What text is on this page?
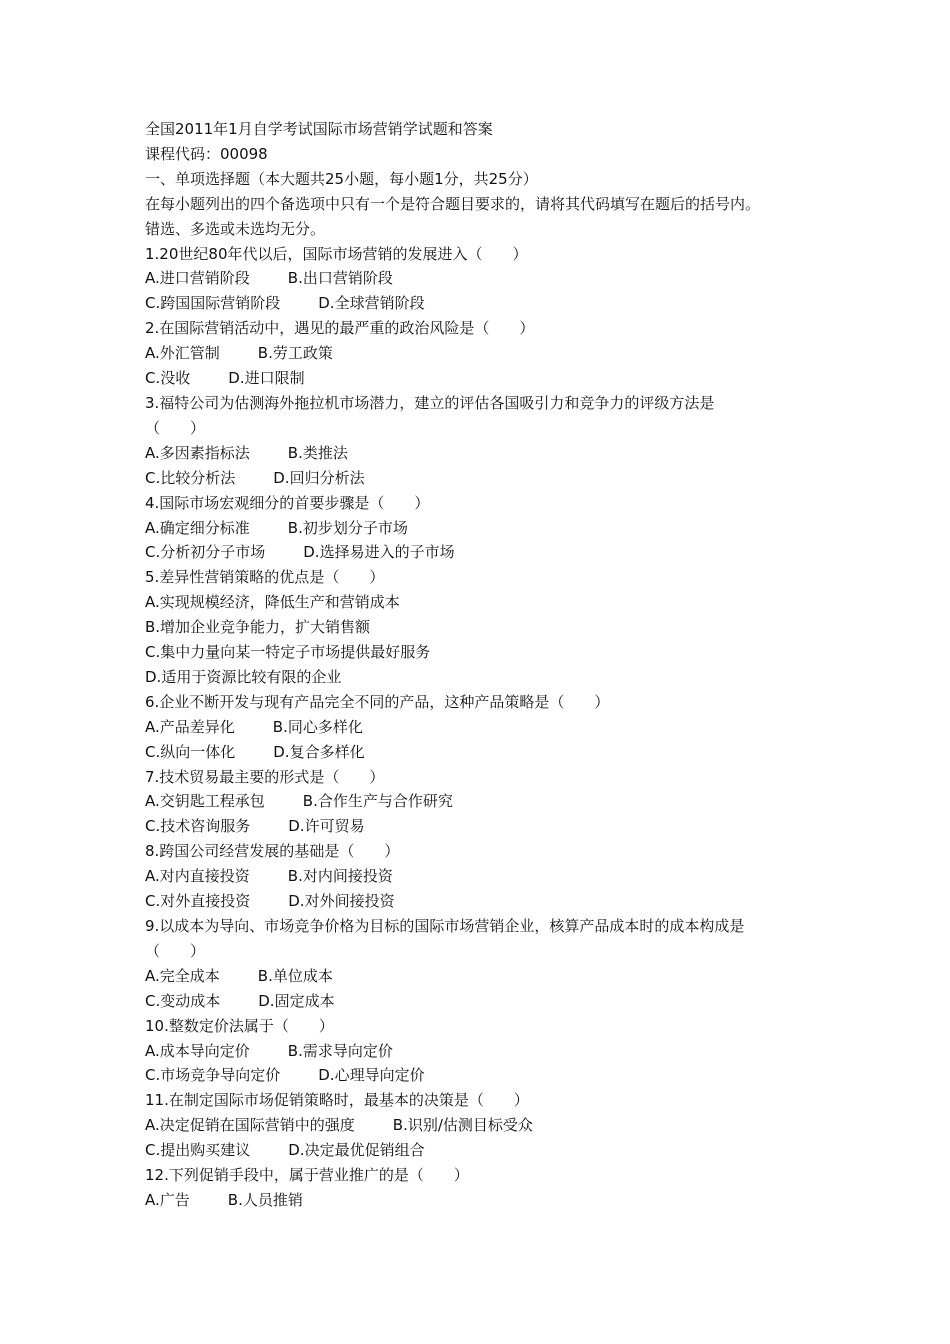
全国2011年1月自学考试国际市场营销学试题和答案
课程代码：00098
一、单项选择题（本大题共25小题，每小题1分，共25分）
在每小题列出的四个备选项中只有一个是符合题目要求的，请将其代码填写在题后的括号内。
错选、多选或未选均无分。
1.20世纪80年代以后，国际市场营销的发展进入（　　）
A.进口营销阶段	B.出口营销阶段
C.跨国国际营销阶段	D.全球营销阶段
2.在国际营销活动中，遇见的最严重的政治风险是（　　）
A.外汇管制	B.劳工政策
C.没收	D.进口限制
3.福特公司为估测海外拖拉机市场潜力，建立的评估各国吸引力和竞争力的评级方法是
（　　）
A.多因素指标法	B.类推法
C.比较分析法	D.回归分析法
4.国际市场宏观细分的首要步骤是（　　）
A.确定细分标准	B.初步划分子市场
C.分析初分子市场	D.选择易进入的子市场
5.差异性营销策略的优点是（　　）
A.实现规模经济，降低生产和营销成本
B.增加企业竞争能力，扩大销售额
C.集中力量向某一特定子市场提供最好服务
D.适用于资源比较有限的企业
6.企业不断开发与现有产品完全不同的产品，这种产品策略是（　　）
A.产品差异化	B.同心多样化
C.纵向一体化	D.复合多样化
7.技术贸易最主要的形式是（　　）
A.交钥匙工程承包	B.合作生产与合作研究
C.技术咨询服务	D.许可贸易
8.跨国公司经营发展的基础是（　　）
A.对内直接投资	B.对内间接投资
C.对外直接投资	D.对外间接投资
9.以成本为导向、市场竞争价格为目标的国际市场营销企业，核算产品成本时的成本构成是
（　　）
A.完全成本	B.单位成本
C.变动成本	D.固定成本
10.整数定价法属于（　　）
A.成本导向定价	B.需求导向定价
C.市场竞争导向定价	D.心理导向定价
11.在制定国际市场促销策略时，最基本的决策是（　　）
A.决定促销在国际营销中的强度	B.识别/估测目标受众
C.提出购买建议	D.决定最优促销组合
12.下列促销手段中，属于营业推广的是（　　）
A.广告	B.人员推销
